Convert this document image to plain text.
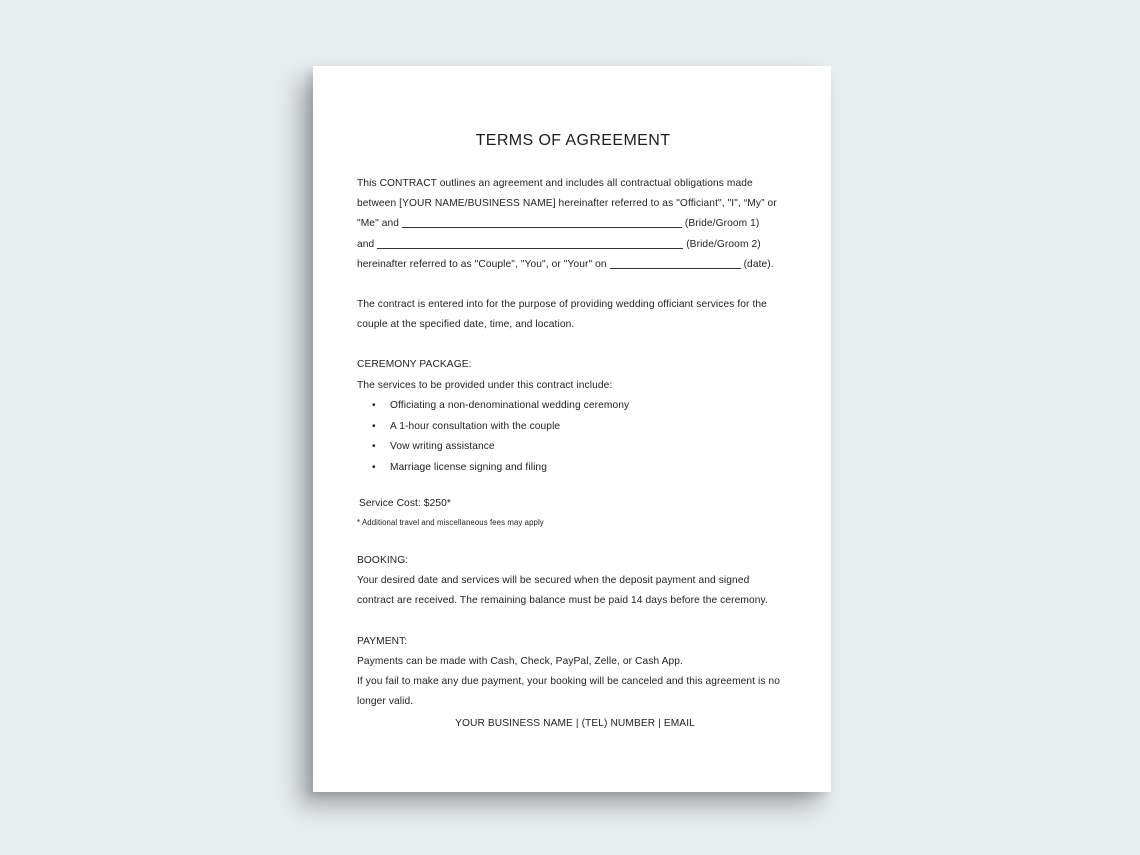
TERMS OF AGREEMENT
This CONTRACT outlines an agreement and includes all contractual obligations made
between [YOUR NAME/BUSINESS NAME] hereinafter referred to as "Officiant", "I", “My” or
"Me" and	(Bride/Groom 1)
and	(Bride/Groom 2)
hereinafter referred to as "Couple", "You", or "Your" on	(date).
The contract is entered into for the purpose of providing wedding officiant services for the
couple at the specified date, time, and location.
CEREMONY PACKAGE:
The services to be provided under this contract include:
• Officiating a non-denominational wedding ceremony
• A 1-hour consultation with the couple
• Vow writing assistance
• Marriage license signing and filing
Service Cost: $250*
* Additional travel and miscellaneous fees may apply
BOOKING:
Your desired date and services will be secured when the deposit payment and signed
contract are received. The remaining balance must be paid 14 days before the ceremony.
PAYMENT:
Payments can be made with Cash, Check, PayPal, Zelle, or Cash App.
If you fail to make any due payment, your booking will be canceled and this agreement is no
longer valid.
YOUR BUSINESS NAME | (TEL) NUMBER | EMAIL
